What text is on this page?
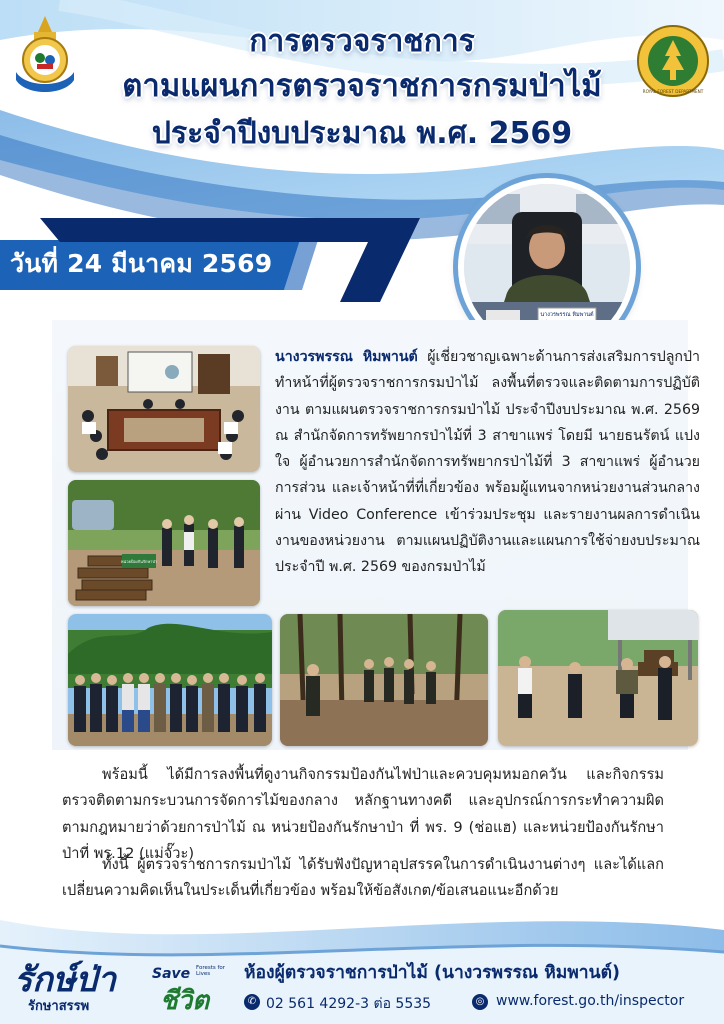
การตรวจราชการ
ตามแผนการตรวจราชการกรมป่าไม้
ประจำปีงบประมาณ พ.ศ. 2569
ROYAL FOREST DEPARTMENT

วันที่ 24 มีนาคม 2569

นางวรพรรณ หิมพานต์
หน่วยป้องกันรักษาป่า

นางวรพรรณ หิมพานต์ ผู้เชี่ยวชาญเฉพาะด้านการส่งเสริมการปลูกป่า ทำหน้าที่ผู้ตรวจราชการกรมป่าไม้ ลงพื้นที่ตรวจและติดตามการปฏิบัติงาน ตามแผนตรวจราชการกรมป่าไม้ ประจำปีงบประมาณ พ.ศ. 2569 ณ สำนักจัดการทรัพยากรป่าไม้ที่ 3 สาขาแพร่ โดยมี นายธนรัตน์ แปงใจ ผู้อำนวยการสำนักจัดการทรัพยากรป่าไม้ที่ 3 สาขาแพร่ ผู้อำนวยการส่วน และเจ้าหน้าที่ที่เกี่ยวข้อง พร้อมผู้แทนจากหน่วยงานส่วนกลางผ่าน Video Conference เข้าร่วมประชุม และรายงานผลการดำเนินงานของหน่วยงาน ตามแผนปฏิบัติงานและแผนการใช้จ่ายงบประมาณ ประจำปี พ.ศ. 2569 ของกรมป่าไม้

พร้อมนี้ ได้มีการลงพื้นที่ดูงานกิจกรรมป้องกันไฟป่าและควบคุมหมอกควัน และกิจกรรมตรวจติดตามกระบวนการจัดการไม้ของกลาง หลักฐานทางคดี และอุปกรณ์การกระทำความผิดตามกฎหมายว่าด้วยการป่าไม้ ณ หน่วยป้องกันรักษาป่า ที่ พร. 9 (ช่อแฮ) และหน่วยป้องกันรักษาป่าที่ พร.12 (แม่จั๊วะ)

ทั้งนี้ ผู้ตรวจราชการกรมป่าไม้ ได้รับฟังปัญหาอุปสรรคในการดำเนินงานต่างๆ และได้แลกเปลี่ยนความคิดเห็นในประเด็นที่เกี่ยวข้อง พร้อมให้ข้อสังเกต/ข้อเสนอแนะอีกด้วย

รักษ์ป่า

รักษาสรรพ

Save Forests for Lives

ชีวิต

ห้องผู้ตรวจราชการป่าไม้ (นางวรพรรณ หิมพานต์)

✆ 02 561 4292-3 ต่อ 5535	◎ www.forest.go.th/inspector
